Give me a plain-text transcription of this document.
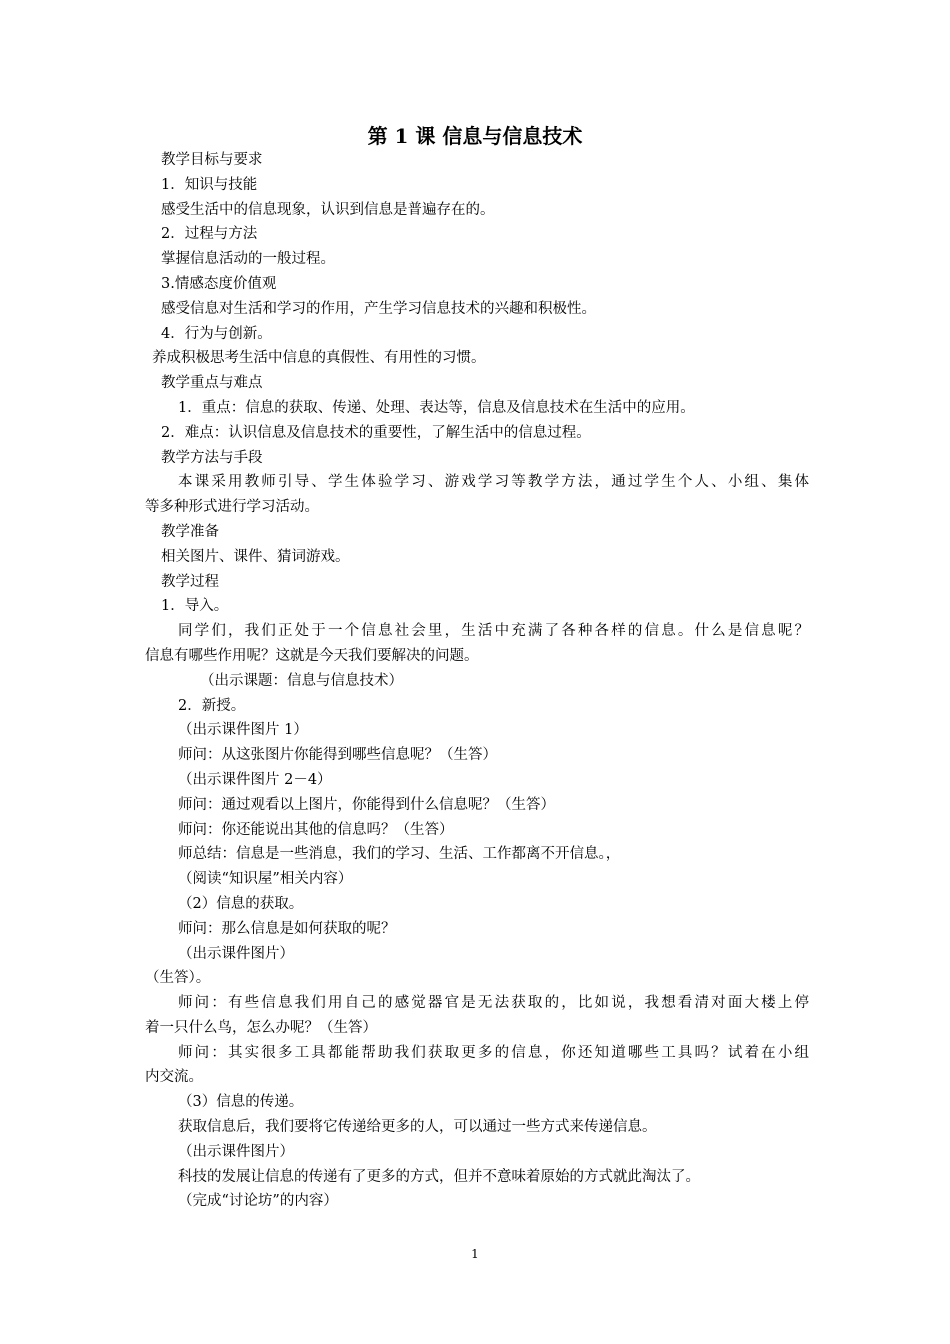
第 1 课 信息与信息技术
教学目标与要求
1．知识与技能
感受生活中的信息现象，认识到信息是普遍存在的。
2．过程与方法
掌握信息活动的一般过程。
3.情感态度价值观
感受信息对生活和学习的作用，产生学习信息技术的兴趣和积极性。
4．行为与创新。
养成积极思考生活中信息的真假性、有用性的习惯。
教学重点与难点
1．重点：信息的获取、传递、处理、表达等，信息及信息技术在生活中的应用。
2．难点：认识信息及信息技术的重要性，了解生活中的信息过程。
教学方法与手段
本课采用教师引导、学生体验学习、游戏学习等教学方法，通过学生个人、小组、集体
等多种形式进行学习活动。
教学准备
相关图片、课件、猜词游戏。
教学过程
1．导入。
同学们，我们正处于一个信息社会里，生活中充满了各种各样的信息。什么是信息呢？
信息有哪些作用呢？这就是今天我们要解决的问题。
（出示课题：信息与信息技术）
2．新授。
（出示课件图片 1）
师问：从这张图片你能得到哪些信息呢？（生答）
（出示课件图片 2－4）
师问：通过观看以上图片，你能得到什么信息呢？（生答）
师问：你还能说出其他的信息吗？（生答）
师总结：信息是一些消息，我们的学习、生活、工作都离不开信息。，
（阅读“知识屋”相关内容）
（2）信息的获取。
师问：那么信息是如何获取的呢？
（出示课件图片）
（生答）。
师问：有些信息我们用自己的感觉器官是无法获取的，比如说，我想看清对面大楼上停
着一只什么鸟，怎么办呢？（生答）
师问：其实很多工具都能帮助我们获取更多的信息，你还知道哪些工具吗？试着在小组
内交流。
（3）信息的传递。
获取信息后，我们要将它传递给更多的人，可以通过一些方式来传递信息。
（出示课件图片）
科技的发展让信息的传递有了更多的方式，但并不意味着原始的方式就此淘汰了。
（完成“讨论坊”的内容）
1
